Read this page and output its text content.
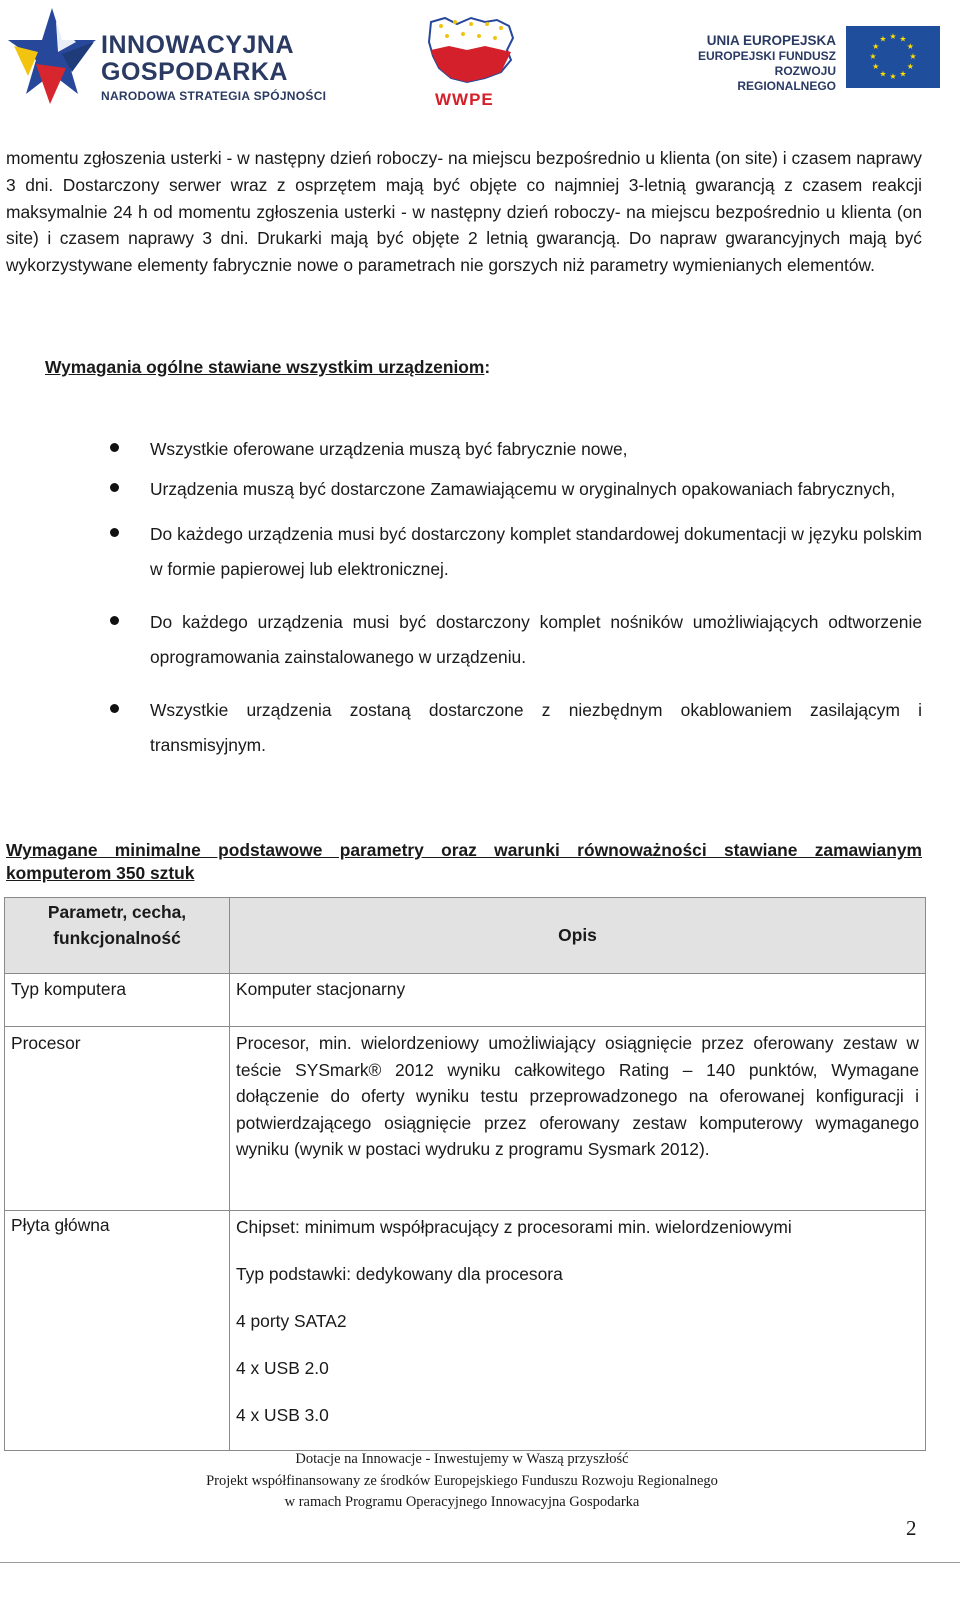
INNOWACYJNA
GOSPODARKA
NARODOWA STRATEGIA SPÓJNOŚCI	WWPE
UNIA EUROPEJSKA
EUROPEJSKI FUNDUSZ
ROZWOJU REGIONALNEGO
★ ★
★
★
★
★
★
★
★
★
★
★
momentu zgłoszenia usterki - w następny dzień roboczy- na miejscu bezpośrednio u klienta (on site) i czasem naprawy 3 dni. Dostarczony serwer wraz z osprzętem mają być objęte co najmniej 3-letnią gwarancją z czasem reakcji maksymalnie 24 h od momentu zgłoszenia usterki - w następny dzień roboczy- na miejscu bezpośrednio u klienta (on site) i czasem naprawy 3 dni. Drukarki mają być objęte 2 letnią gwarancją. Do napraw gwarancyjnych mają być wykorzystywane elementy fabrycznie nowe o parametrach nie gorszych niż parametry wymienianych elementów.
Wymagania ogólne stawiane wszystkim urządzeniom:
Wszystkie oferowane urządzenia muszą być fabrycznie nowe,
Urządzenia muszą być dostarczone Zamawiającemu w oryginalnych opakowaniach fabrycznych,
Do każdego urządzenia musi być dostarczony komplet standardowej dokumentacji w języku polskim w formie papierowej lub elektronicznej.
Do każdego urządzenia musi być dostarczony komplet nośników umożliwiających odtworzenie oprogramowania zainstalowanego w urządzeniu.
Wszystkie urządzenia zostaną dostarczone z niezbędnym okablowaniem zasilającym i transmisyjnym.
Wymagane minimalne podstawowe parametry oraz warunki równoważności stawiane zamawianym komputerom 350 sztuk
Parametr, cecha, funkcjonalność	Opis
Typ komputera	Komputer stacjonarny
Procesor	Procesor, min. wielordzeniowy umożliwiający osiągnięcie przez oferowany zestaw w teście SYSmark® 2012 wyniku całkowitego Rating – 140 punktów, Wymagane dołączenie do oferty wyniku testu przeprowadzonego na oferowanej konfiguracji i potwierdzającego osiągnięcie przez oferowany zestaw komputerowy wymaganego wyniku (wynik w postaci wydruku z programu Sysmark 2012).
Płyta główna	Chipset: minimum współpracujący z procesorami min. wielordzeniowymi
Typ podstawki: dedykowany dla procesora
4 porty SATA2
4 x USB 2.0
4 x USB 3.0
Dotacje na Innowacje - Inwestujemy w Waszą przyszłość
Projekt współfinansowany ze środków Europejskiego Funduszu Rozwoju Regionalnego
w ramach Programu Operacyjnego Innowacyjna Gospodarka
2
